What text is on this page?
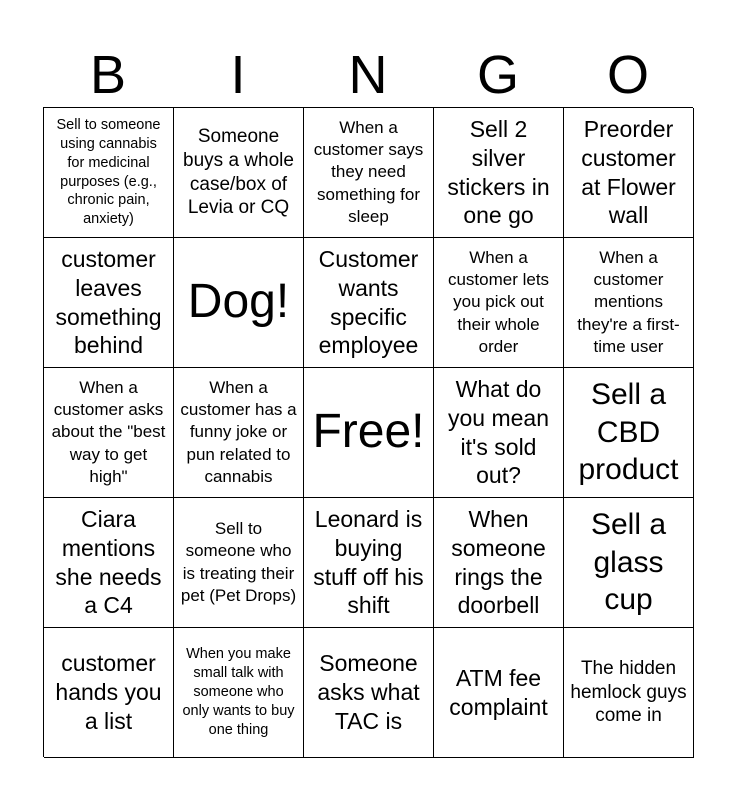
B	I	N	G	O
Sell to someone using cannabis for medicinal purposes (e.g., chronic pain, anxiety)
Someone buys a whole case/box of Levia or CQ
When a customer says they need something for sleep
Sell 2 silver stickers in one go
Preorder customer at Flower wall
customer leaves something behind
Dog!
Customer wants specific employee
When a customer lets you pick out their whole order
When a customer mentions they're a first-time user
When a customer asks about the "best way to get high"
When a customer has a funny joke or pun related to cannabis
Free!
What do you mean it's sold out?
Sell a CBD product
Ciara mentions she needs a C4
Sell to someone who is treating their pet (Pet Drops)
Leonard is buying stuff off his shift
When someone rings the doorbell
Sell a glass cup
customer hands you a list
When you make small talk with someone who only wants to buy one thing
Someone asks what TAC is
ATM fee complaint
The hidden hemlock guys come in
